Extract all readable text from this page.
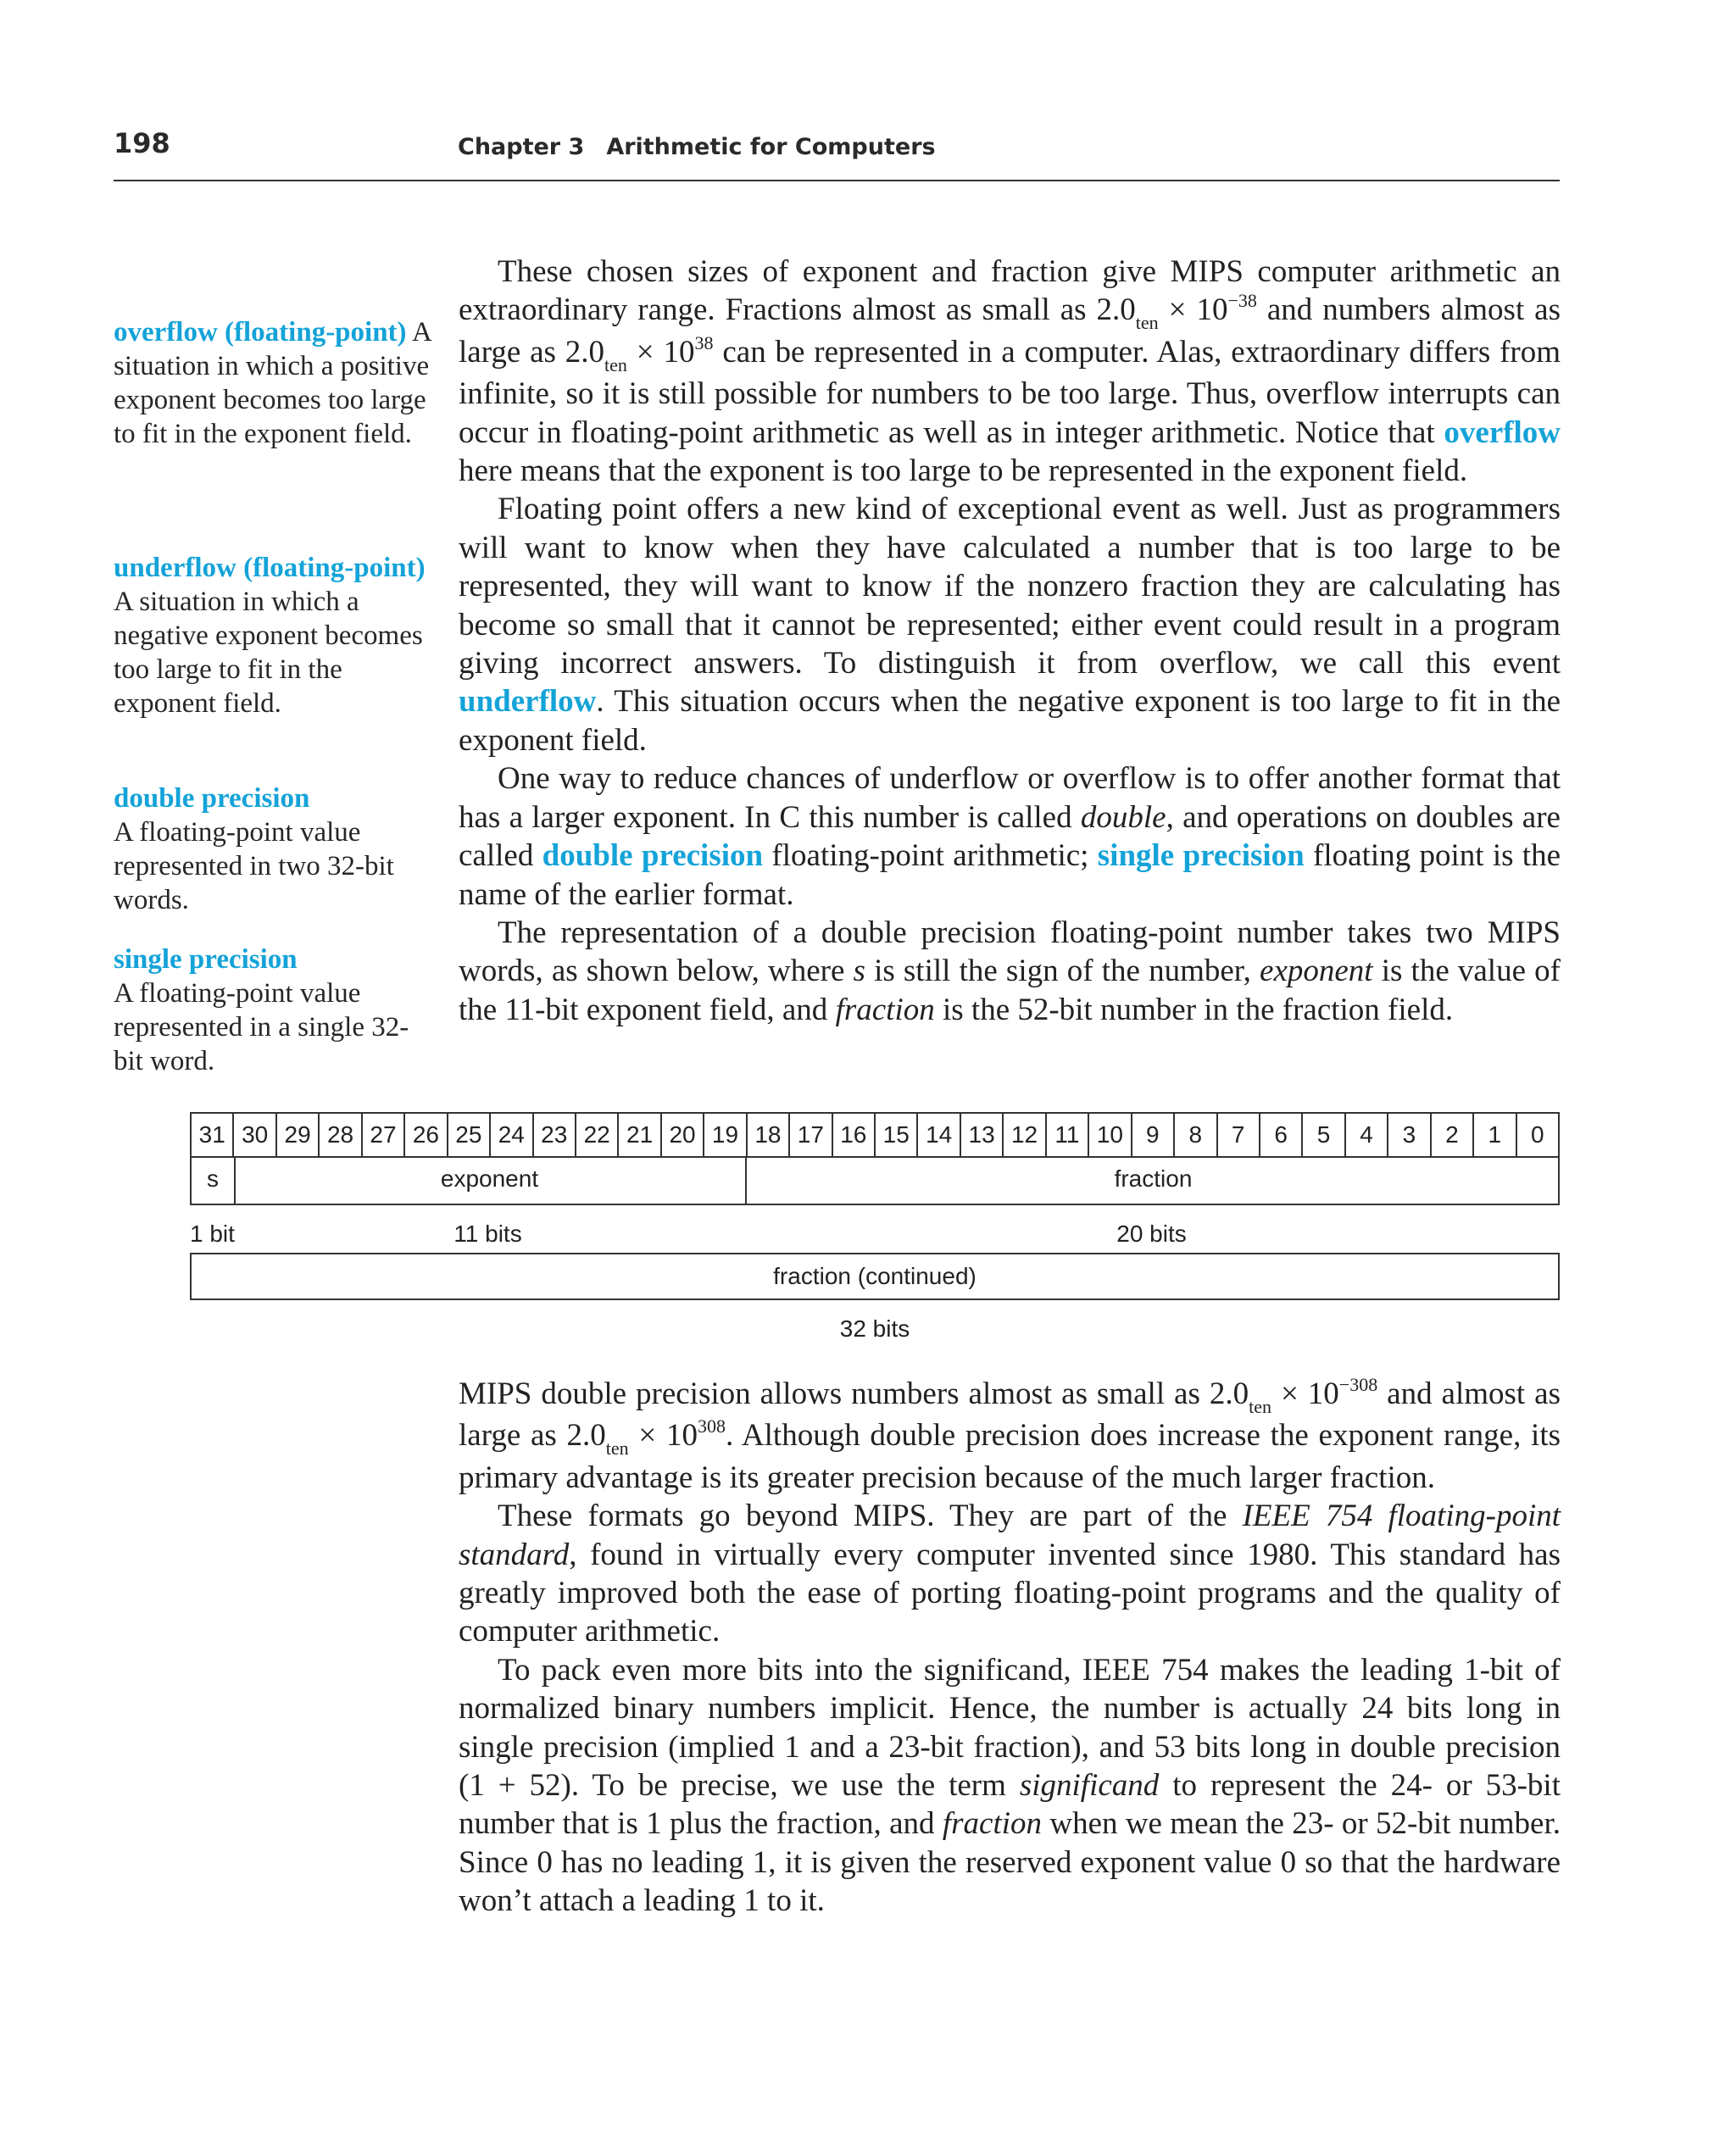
198	Chapter 3 Arithmetic for Computers
overflow (floating-point) A situation in which a positive exponent becomes too large to fit in the exponent field.
underflow (floating-point) A situation in which a negative exponent becomes too large to fit in the exponent field.
double precision
A floating-point value represented in two 32-bit words.
single precision
A floating-point value represented in a single 32-bit word.

These chosen sizes of exponent and fraction give MIPS computer arithmetic an extraordinary range. Fractions almost as small as $2.0_{ten} \times 10^{-38}$ and numbers almost as large as $2.0_{ten} \times 10^{38}$ can be represented in a computer. Alas, extraordinary differs from infinite, so it is still possible for numbers to be too large. Thus, overflow interrupts can occur in floating-point arithmetic as well as in integer arithmetic. Notice that overflow here means that the exponent is too large to be represented in the exponent field.

Floating point offers a new kind of exceptional event as well. Just as programmers will want to know when they have calculated a number that is too large to be represented, they will want to know if the nonzero fraction they are calculating has become so small that it cannot be represented; either event could result in a program giving incorrect answers. To distinguish it from overflow, we call this event underflow. This situation occurs when the negative exponent is too large to fit in the exponent field.

One way to reduce chances of underflow or overflow is to offer another format that has a larger exponent. In C this number is called double, and operations on doubles are called double precision floating-point arithmetic; single precision floating point is the name of the earlier format.

The representation of a double precision floating-point number takes two MIPS words, as shown below, where s is still the sign of the number, exponent is the value of the 11-bit exponent field, and fraction is the 52-bit number in the fraction field.

31 30 29 28 27 26 25 24 23 22 21 20 19 18 17 16 15 14 13 12 11 10 9	8	7	6	5	4	3	2	1	0
s	exponent	fraction
1 bit	11 bits	20 bits
fraction (continued)
32 bits

MIPS double precision allows numbers almost as small as $2.0_{ten} \times 10^{-308}$ and almost as large as $2.0_{ten} \times 10^{308}$. Although double precision does increase the exponent range, its primary advantage is its greater precision because of the much larger fraction.

These formats go beyond MIPS. They are part of the IEEE 754 floating-point standard, found in virtually every computer invented since 1980. This standard has greatly improved both the ease of porting floating-point programs and the quality of computer arithmetic.

To pack even more bits into the significand, IEEE 754 makes the leading 1-bit of normalized binary numbers implicit. Hence, the number is actually 24 bits long in single precision (implied 1 and a 23-bit fraction), and 53 bits long in double precision (1 + 52). To be precise, we use the term significand to represent the 24- or 53-bit number that is 1 plus the fraction, and fraction when we mean the 23- or 52-bit number. Since 0 has no leading 1, it is given the reserved exponent value 0 so that the hardware won’t attach a leading 1 to it.
